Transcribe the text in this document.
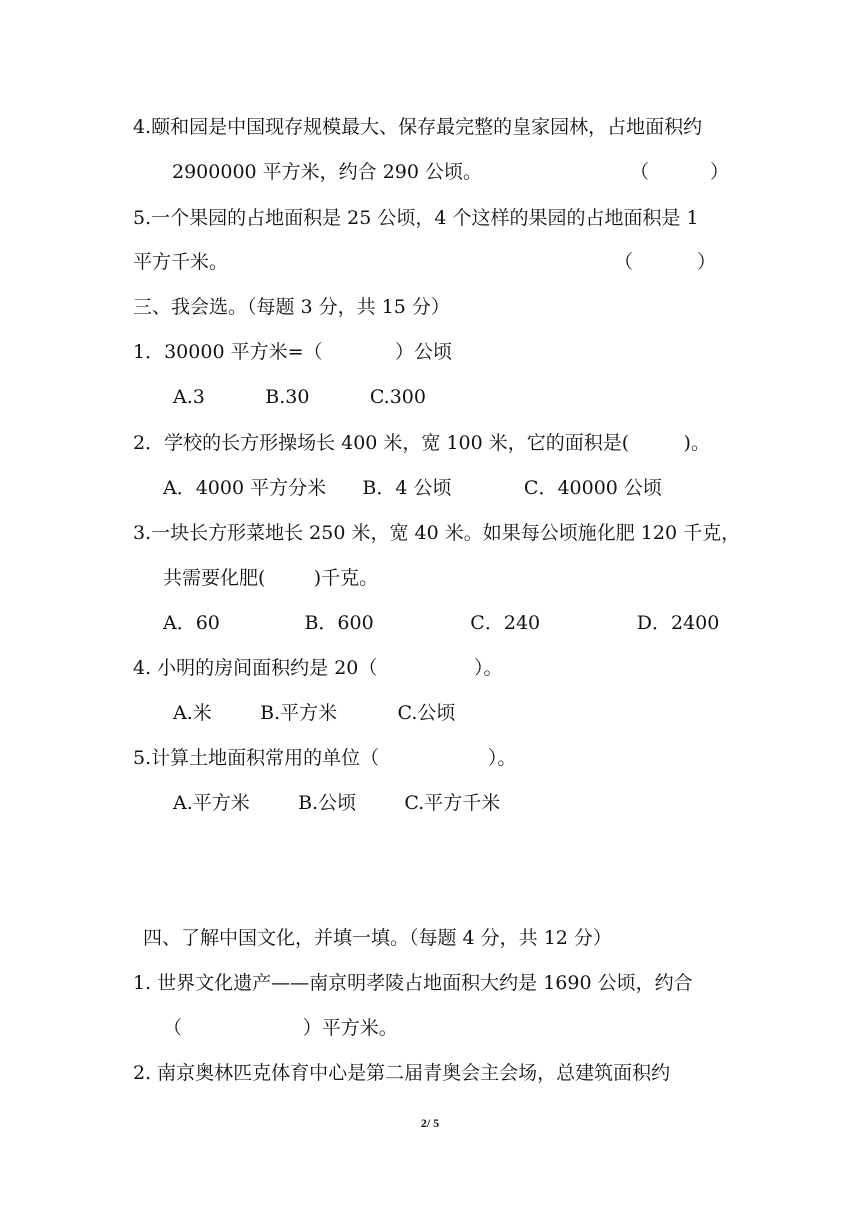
4.颐和园是中国现存规模最大、保存最完整的皇家园林，占地面积约
2900000 平方米，约合 290 公顷。	（	）
5.一个果园的占地面积是 25 公顷，4 个这样的果园的占地面积是 1
平方千米。	（	）
三、我会选。（每题 3 分，共 15 分）
1．30000 平方米=（            ）公顷
A.3          B.30          C.300
2．学校的长方形操场长 400 米，宽 100 米，它的面积是(         )。
A．4000 平方分米      B．4 公顷            C．40000 公顷
3.一块长方形菜地长 250 米，宽 40 米。如果每公顷施化肥 120 千克，
共需要化肥(        )千克。
A．60              B．600                C．240                D．2400
4. 小明的房间面积约是 20（                ）。
A.米        B.平方米          C.公顷
5.计算土地面积常用的单位（                  ）。
A.平方米        B.公顷        C.平方千米
四、了解中国文化，并填一填。（每题 4 分，共 12 分）
1. 世界文化遗产——南京明孝陵占地面积大约是 1690 公顷，约合
（                    ）平方米。
2. 南京奥林匹克体育中心是第二届青奥会主会场，总建筑面积约
2/ 5
